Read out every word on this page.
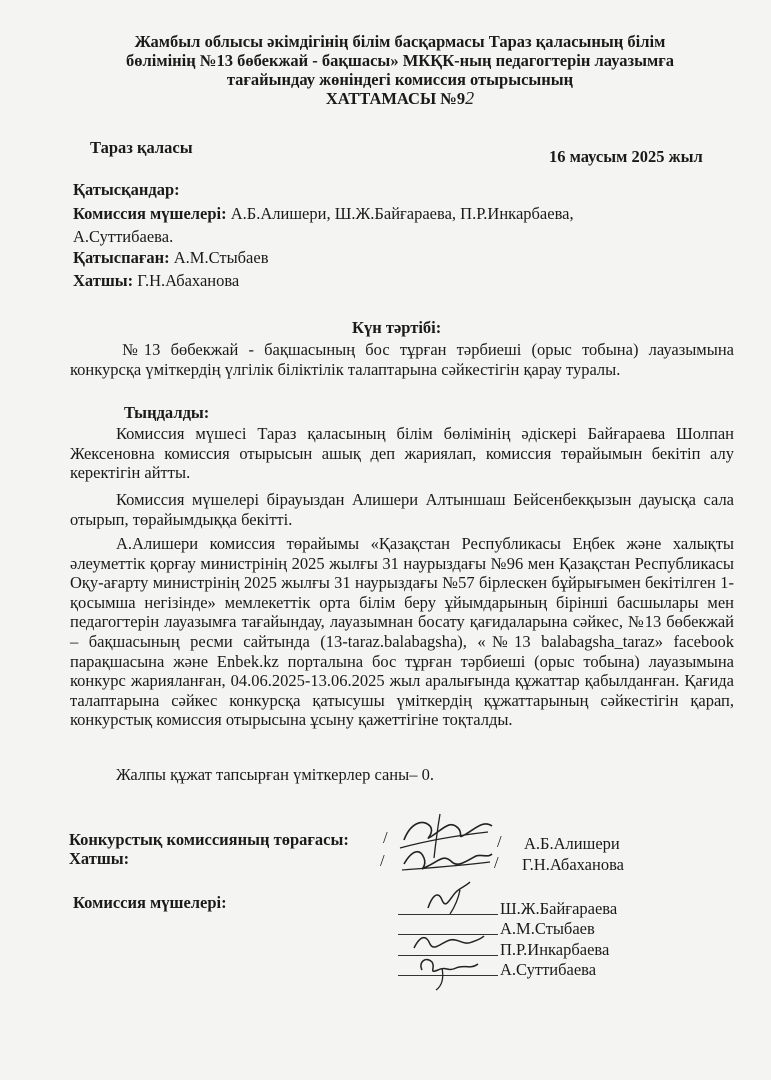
Жамбыл облысы әкімдігінің білім басқармасы Тараз қаласының білім
бөлімінің №13 бөбекжай - бақшасы» МКҚК-ның педагогтерін лауазымға
тағайындау жөніндегі комиссия отырысының
ХАТТАМАСЫ №92
Тараз қаласы	16 маусым 2025 жыл
Қатысқандар:
Комиссия мүшелері: А.Б.Алишери, Ш.Ж.Байғараева, П.Р.Инкарбаева,
А.Суттибаева.
Қатыспаған: А.М.Стыбаев
Хатшы: Г.Н.Абаханова
Күн тәртібі:
№13 бөбекжай - бақшасының бос тұрған тәрбиеші (орыс тобына) лауазымына конкурсқа үміткердің үлгілік біліктілік талаптарына сәйкестігін қарау туралы.
Тыңдалды:
Комиссия мүшесі Тараз қаласының білім бөлімінің әдіскері Байғараева Шолпан Жексеновна комиссия отырысын ашық деп жариялап, комиссия төрайымын бекітіп алу керектігін айтты.
Комиссия мүшелері бірауыздан Алишери Алтыншаш Бейсенбекқызын дауысқа сала отырып, төрайымдыққа бекітті.
А.Алишери комиссия төрайымы «Қазақстан Республикасы Еңбек және халықты әлеуметтік қорғау министрінің 2025 жылғы 31 наурыздағы №96 мен Қазақстан Республикасы Оқу-ағарту министрінің 2025 жылғы 31 наурыздағы №57 бірлескен бұйрығымен бекітілген 1-қосымша негізінде» мемлекеттік орта білім беру ұйымдарының бірінші басшылары мен педагогтерін лауазымға тағайындау, лауазымнан босату қағидаларына сәйкес, №13 бөбекжай – бақшасының ресми сайтында (13-taraz.balabagsha), «№13 balabagsha_taraz» facebook парақшасына және Enbek.kz порталына бос тұрған тәрбиеші (орыс тобына) лауазымына конкурс жарияланған, 04.06.2025-13.06.2025 жыл аралығында құжаттар қабылданған. Қағида талаптарына сәйкес конкурсқа қатысушы үміткердің құжаттарының сәйкестігін қарап, конкурстық комиссия отырысына ұсыну қажеттігіне тоқталды.
Жалпы құжат тапсырған үміткерлер саны– 0.
Конкурстық комиссияның төрағасы: /	/ А.Б.Алишери
Хатшы:	/	/ Г.Н.Абаханова
Комиссия мүшелері:	Ш.Ж.Байғараева
А.М.Стыбаев
П.Р.Инкарбаева
А.Суттибаева
